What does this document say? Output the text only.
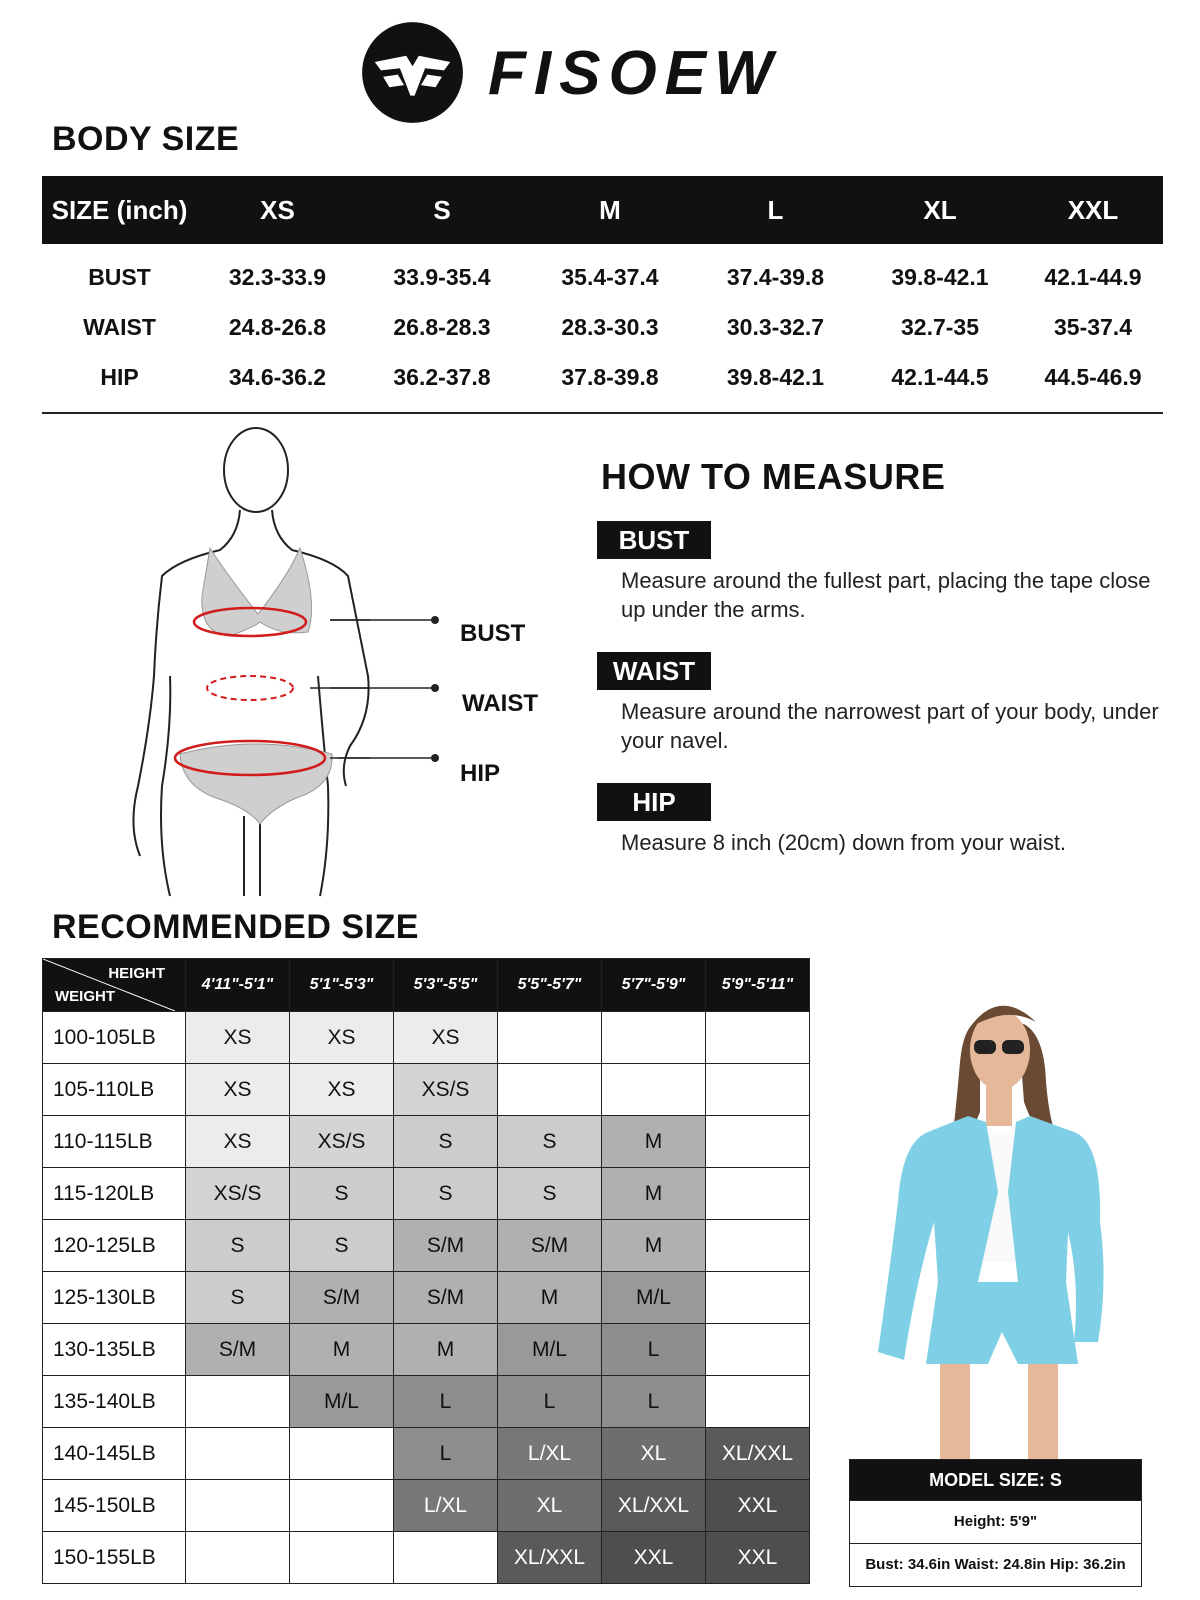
FISOEW
BODY SIZE
SIZE (inch)	XS	S	M	L	XL	XXL
BUST	32.3-33.9	33.9-35.4	35.4-37.4	37.4-39.8	39.8-42.1	42.1-44.9
WAIST	24.8-26.8	26.8-28.3	28.3-30.3	30.3-32.7	32.7-35	35-37.4
HIP	34.6-36.2	36.2-37.8	37.8-39.8	39.8-42.1	42.1-44.5	44.5-46.9
BUST
WAIST
HIP
HOW TO MEASURE
BUST
Measure around the fullest part, placing the tape close up under the arms.
WAIST
Measure around the narrowest part of your body, under your navel.
HIP
Measure 8 inch (20cm) down from your waist.
RECOMMENDED SIZE
HEIGHT
WEIGHT	4'11"-5'1"	5'1"-5'3"	5'3"-5'5"	5'5"-5'7"	5'7"-5'9"	5'9"-5'11"
100-105LB	XS	XS	XS			
105-110LB	XS	XS	XS/S			
110-115LB	XS	XS/S	S	S	M	
115-120LB	XS/S	S	S	S	M	
120-125LB	S	S	S/M	S/M	M	
125-130LB	S	S/M	S/M	M	M/L	
130-135LB	S/M	M	M	M/L	L	
135-140LB		M/L	L	L	L	
140-145LB			L	L/XL	XL	XL/XXL
145-150LB			L/XL	XL	XL/XXL	XXL
150-155LB				XL/XXL	XXL	XXL
MODEL SIZE: S
Height: 5'9"
Bust: 34.6in Waist: 24.8in Hip: 36.2in
